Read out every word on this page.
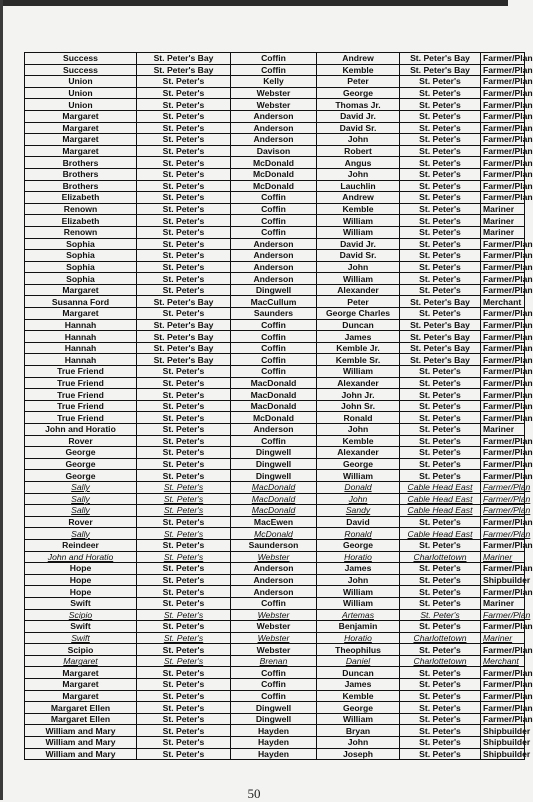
Success	St. Peter's Bay	Coffin	Andrew	St. Peter's Bay	Farmer/Plan
Success	St. Peter's Bay	Coffin	Kemble	St. Peter's Bay	Farmer/Plan
Union	St. Peter's	Kelly	Peter	St. Peter's	Farmer/Plan
Union	St. Peter's	Webster	George	St. Peter's	Farmer/Plan
Union	St. Peter's	Webster	Thomas Jr.	St. Peter's	Farmer/Plan
Margaret	St. Peter's	Anderson	David Jr.	St. Peter's	Farmer/Plan
Margaret	St. Peter's	Anderson	David Sr.	St. Peter's	Farmer/Plan
Margaret	St. Peter's	Anderson	John	St. Peter's	Farmer/Plan
Margaret	St. Peter's	Davison	Robert	St. Peter's	Farmer/Plan
Brothers	St. Peter's	McDonald	Angus	St. Peter's	Farmer/Plan
Brothers	St. Peter's	McDonald	John	St. Peter's	Farmer/Plan
Brothers	St. Peter's	McDonald	Lauchlin	St. Peter's	Farmer/Plan
Elizabeth	St. Peter's	Coffin	Andrew	St. Peter's	Farmer/Plan
Renown	St. Peter's	Coffin	Kemble	St. Peter's	Mariner
Elizabeth	St. Peter's	Coffin	William	St. Peter's	Mariner
Renown	St. Peter's	Coffin	William	St. Peter's	Mariner
Sophia	St. Peter's	Anderson	David Jr.	St. Peter's	Farmer/Plan
Sophia	St. Peter's	Anderson	David Sr.	St. Peter's	Farmer/Plan
Sophia	St. Peter's	Anderson	John	St. Peter's	Farmer/Plan
Sophia	St. Peter's	Anderson	William	St. Peter's	Farmer/Plan
Margaret	St. Peter's	Dingwell	Alexander	St. Peter's	Farmer/Plan
Susanna Ford	St. Peter's Bay	MacCullum	Peter	St. Peter's Bay	Merchant
Margaret	St. Peter's	Saunders	George Charles	St. Peter's	Farmer/Plan
Hannah	St. Peter's Bay	Coffin	Duncan	St. Peter's Bay	Farmer/Plan
Hannah	St. Peter's Bay	Coffin	James	St. Peter's Bay	Farmer/Plan
Hannah	St. Peter's Bay	Coffin	Kemble Jr.	St. Peter's Bay	Farmer/Plan
Hannah	St. Peter's Bay	Coffin	Kemble Sr.	St. Peter's Bay	Farmer/Plan
True Friend	St. Peter's	Coffin	William	St. Peter's	Farmer/Plan
True Friend	St. Peter's	MacDonald	Alexander	St. Peter's	Farmer/Plan
True Friend	St. Peter's	MacDonald	John Jr.	St. Peter's	Farmer/Plan
True Friend	St. Peter's	MacDonald	John Sr.	St. Peter's	Farmer/Plan
True Friend	St. Peter's	McDonald	Ronald	St. Peter's	Farmer/Plan
John and Horatio	St. Peter's	Anderson	John	St. Peter's	Mariner
Rover	St. Peter's	Coffin	Kemble	St. Peter's	Farmer/Plan
George	St. Peter's	Dingwell	Alexander	St. Peter's	Farmer/Plan
George	St. Peter's	Dingwell	George	St. Peter's	Farmer/Plan
George	St. Peter's	Dingwell	William	St. Peter's	Farmer/Plan
Sally	St. Peter's	MacDonald	Donald	Cable Head East	Farmer/Plan
Sally	St. Peter's	MacDonald	John	Cable Head East	Farmer/Plan
Sally	St. Peter's	MacDonald	Sandy	Cable Head East	Farmer/Plan
Rover	St. Peter's	MacEwen	David	St. Peter's	Farmer/Plan
Sally	St. Peter's	McDonald	Ronald	Cable Head East	Farmer/Plan
Reindeer	St. Peter's	Saunderson	George	St. Peter's	Farmer/Plan
John and Horatio	St. Peter's	Webster	Horatio	Charlottetown	Mariner
Hope	St. Peter's	Anderson	James	St. Peter's	Farmer/Plan
Hope	St. Peter's	Anderson	John	St. Peter's	Shipbuilder
Hope	St. Peter's	Anderson	William	St. Peter's	Farmer/Plan
Swift	St. Peter's	Coffin	William	St. Peter's	Mariner
Scipio	St. Peter's	Webster	Artemas	St. Peter's	Farmer/Plan
Swift	St. Peter's	Webster	Benjamin	St. Peter's	Farmer/Plan
Swift	St. Peter's	Webster	Horatio	Charlottetown	Mariner
Scipio	St. Peter's	Webster	Theophilus	St. Peter's	Farmer/Plan
Margaret	St. Peter's	Brenan	Daniel	Charlottetown	Merchant
Margaret	St. Peter's	Coffin	Duncan	St. Peter's	Farmer/Plan
Margaret	St. Peter's	Coffin	James	St. Peter's	Farmer/Plan
Margaret	St. Peter's	Coffin	Kemble	St. Peter's	Farmer/Plan
Margaret Ellen	St. Peter's	Dingwell	George	St. Peter's	Farmer/Plan
Margaret Ellen	St. Peter's	Dingwell	William	St. Peter's	Farmer/Plan
William and Mary	St. Peter's	Hayden	Bryan	St. Peter's	Shipbuilder
William and Mary	St. Peter's	Hayden	John	St. Peter's	Shipbuilder
William and Mary	St. Peter's	Hayden	Joseph	St. Peter's	Shipbuilder
50
